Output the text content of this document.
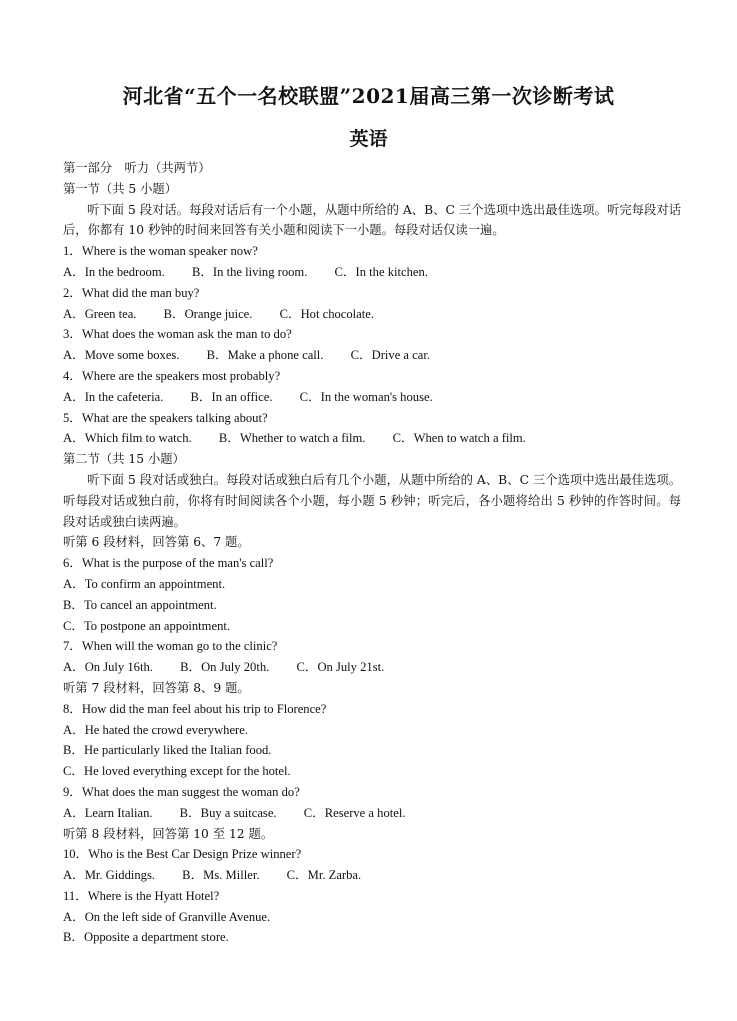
河北省“五个一名校联盟”2021届高三第一次诊断考试
英语
第一部分　听力（共两节）
第一节（共 5 小题）
听下面 5 段对话。每段对话后有一个小题，从题中所给的 A、B、C 三个选项中选出最佳选项。听完每段对话后，你都有 10 秒钟的时间来回答有关小题和阅读下一小题。每段对话仅读一遍。
1．Where is the woman speaker now?
A．In the bedroom. B．In the living room. C．In the kitchen.
2．What did the man buy?
A．Green tea. B．Orange juice. C．Hot chocolate.
3．What does the woman ask the man to do?
A．Move some boxes. B．Make a phone call. C．Drive a car.
4．Where are the speakers most probably?
A．In the cafeteria. B．In an office. C．In the woman's house.
5．What are the speakers talking about?
A．Which film to watch. B．Whether to watch a film. C．When to watch a film.
第二节（共 15 小题）
听下面 5 段对话或独白。每段对话或独白后有几个小题，从题中所给的 A、B、C 三个选项中选出最佳选项。听每段对话或独白前，你将有时间阅读各个小题，每小题 5 秒钟；听完后，各小题将给出 5 秒钟的作答时间。每段对话或独白读两遍。
听第 6 段材料，回答第 6、7 题。
6．What is the purpose of the man's call?
A．To confirm an appointment.
B．To cancel an appointment.
C．To postpone an appointment.
7．When will the woman go to the clinic?
A．On July 16th. B．On July 20th. C．On July 21st.
听第 7 段材料，回答第 8、9 题。
8．How did the man feel about his trip to Florence?
A．He hated the crowd everywhere.
B．He particularly liked the Italian food.
C．He loved everything except for the hotel.
9．What does the man suggest the woman do?
A．Learn Italian. B．Buy a suitcase. C．Reserve a hotel.
听第 8 段材料，回答第 10 至 12 题。
10．Who is the Best Car Design Prize winner?
A．Mr. Giddings. B．Ms. Miller. C．Mr. Zarba.
11．Where is the Hyatt Hotel?
A．On the left side of Granville Avenue.
B．Opposite a department store.
